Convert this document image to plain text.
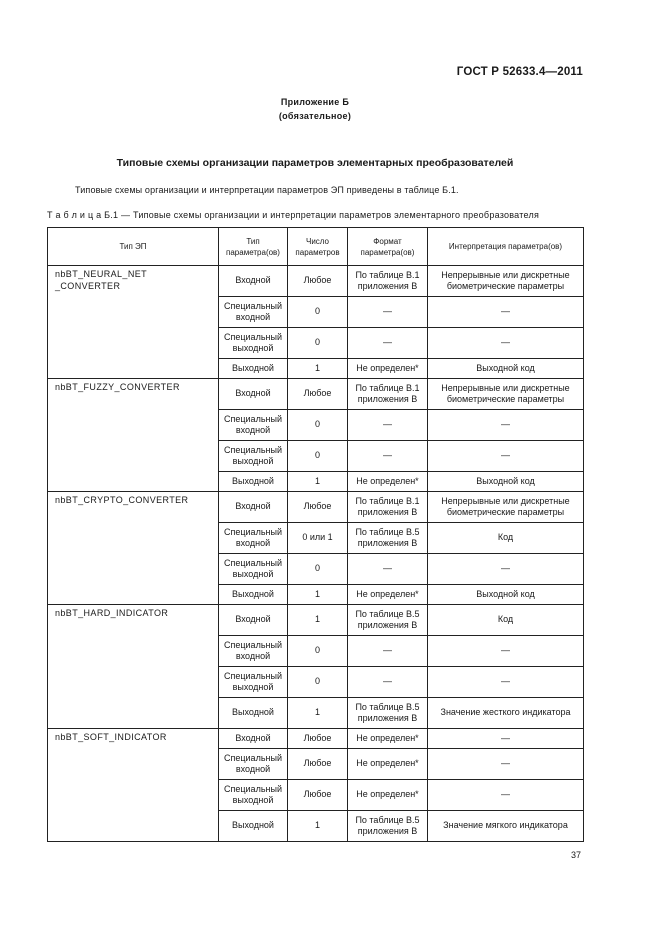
ГОСТ Р 52633.4—2011
Приложение Б
(обязательное)
Типовые схемы организации параметров элементарных преобразователей
Типовые схемы организации и интерпретации параметров ЭП приведены в таблице Б.1.
Т а б л и ц а Б.1 — Типовые схемы организации и интерпретации параметров элементарного преобразователя
Тип ЭП	Тип параметра(ов)	Число параметров	Формат параметра(ов)	Интерпретация параметра(ов)
nbBT_NEURAL_NET _CONVERTER	Входной	Любое	По таблице В.1 приложения В	Непрерывные или дискретные биометрические параметры
	Специальный входной	0	—	—
	Специальный выходной	0	—	—
	Выходной	1	Не определен*	Выходной код
nbBT_FUZZY_CONVERTER	Входной	Любое	По таблице В.1 приложения В	Непрерывные или дискретные биометрические параметры
	Специальный входной	0	—	—
	Специальный выходной	0	—	—
	Выходной	1	Не определен*	Выходной код
nbBT_CRYPTO_CONVERTER	Входной	Любое	По таблице В.1 приложения В	Непрерывные или дискретные биометрические параметры
	Специальный входной	0 или 1	По таблице В.5 приложения В	Код
	Специальный выходной	0	—	—
	Выходной	1	Не определен*	Выходной код
nbBT_HARD_INDICATOR	Входной	1	По таблице В.5 приложения В	Код
	Специальный входной	0	—	—
	Специальный выходной	0	—	—
	Выходной	1	По таблице В.5 приложения В	Значение жесткого индикатора
nbBT_SOFT_INDICATOR	Входной	Любое	Не определен*	—
	Специальный входной	Любое	Не определен*	—
	Специальный выходной	Любое	Не определен*	—
	Выходной	1	По таблице В.5 приложения В	Значение мягкого индикатора
37
